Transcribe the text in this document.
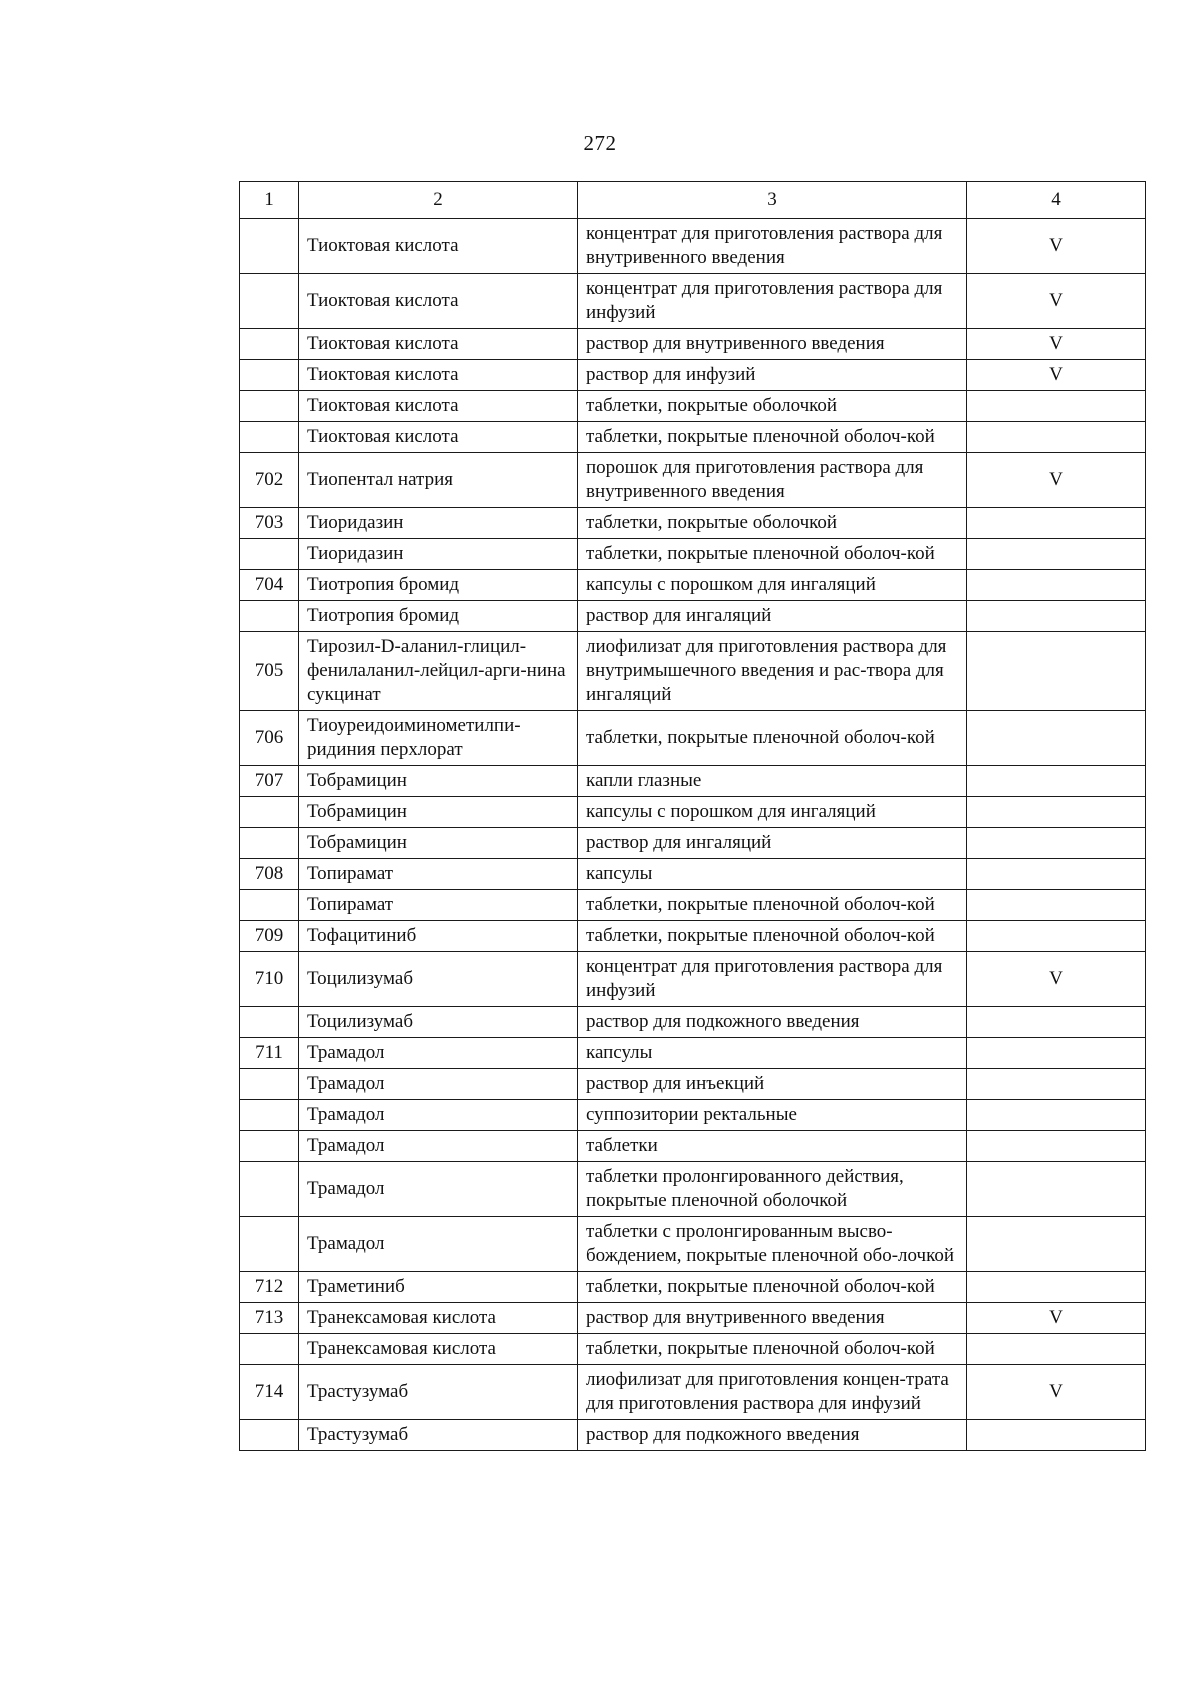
272
1	2	3	4
	Тиоктовая кислота	концентрат для приготовления раствора для внутривенного введения	V
	Тиоктовая кислота	концентрат для приготовления раствора для инфузий	V
	Тиоктовая кислота	раствор для внутривенного введения	V
	Тиоктовая кислота	раствор для инфузий	V
	Тиоктовая кислота	таблетки, покрытые оболочкой	
	Тиоктовая кислота	таблетки, покрытые пленочной оболоч-кой	
702	Тиопентал натрия	порошок для приготовления раствора для внутривенного введения	V
703	Тиоридазин	таблетки, покрытые оболочкой	
	Тиоридазин	таблетки, покрытые пленочной оболоч-кой	
704	Тиотропия бромид	капсулы с порошком для ингаляций	
	Тиотропия бромид	раствор для ингаляций	
705	Тирозил-D-аланил-глицил-фенилаланил-лейцил-арги-нина сукцинат	лиофилизат для приготовления раствора для внутримышечного введения и рас-твора для ингаляций	
706	Тиоуреидоиминометилпи-ридиния перхлорат	таблетки, покрытые пленочной оболоч-кой	
707	Тобрамицин	капли глазные	
	Тобрамицин	капсулы с порошком для ингаляций	
	Тобрамицин	раствор для ингаляций	
708	Топирамат	капсулы	
	Топирамат	таблетки, покрытые пленочной оболоч-кой	
709	Тофацитиниб	таблетки, покрытые пленочной оболоч-кой	
710	Тоцилизумаб	концентрат для приготовления раствора для инфузий	V
	Тоцилизумаб	раствор для подкожного введения	
711	Трамадол	капсулы	
	Трамадол	раствор для инъекций	
	Трамадол	суппозитории ректальные	
	Трамадол	таблетки	
	Трамадол	таблетки пролонгированного действия, покрытые пленочной оболочкой	
	Трамадол	таблетки с пролонгированным высво-бождением, покрытые пленочной обо-лочкой	
712	Траметиниб	таблетки, покрытые пленочной оболоч-кой	
713	Транексамовая кислота	раствор для внутривенного введения	V
	Транексамовая кислота	таблетки, покрытые пленочной оболоч-кой	
714	Трастузумаб	лиофилизат для приготовления концен-трата для приготовления раствора для инфузий	V
	Трастузумаб	раствор для подкожного введения	
